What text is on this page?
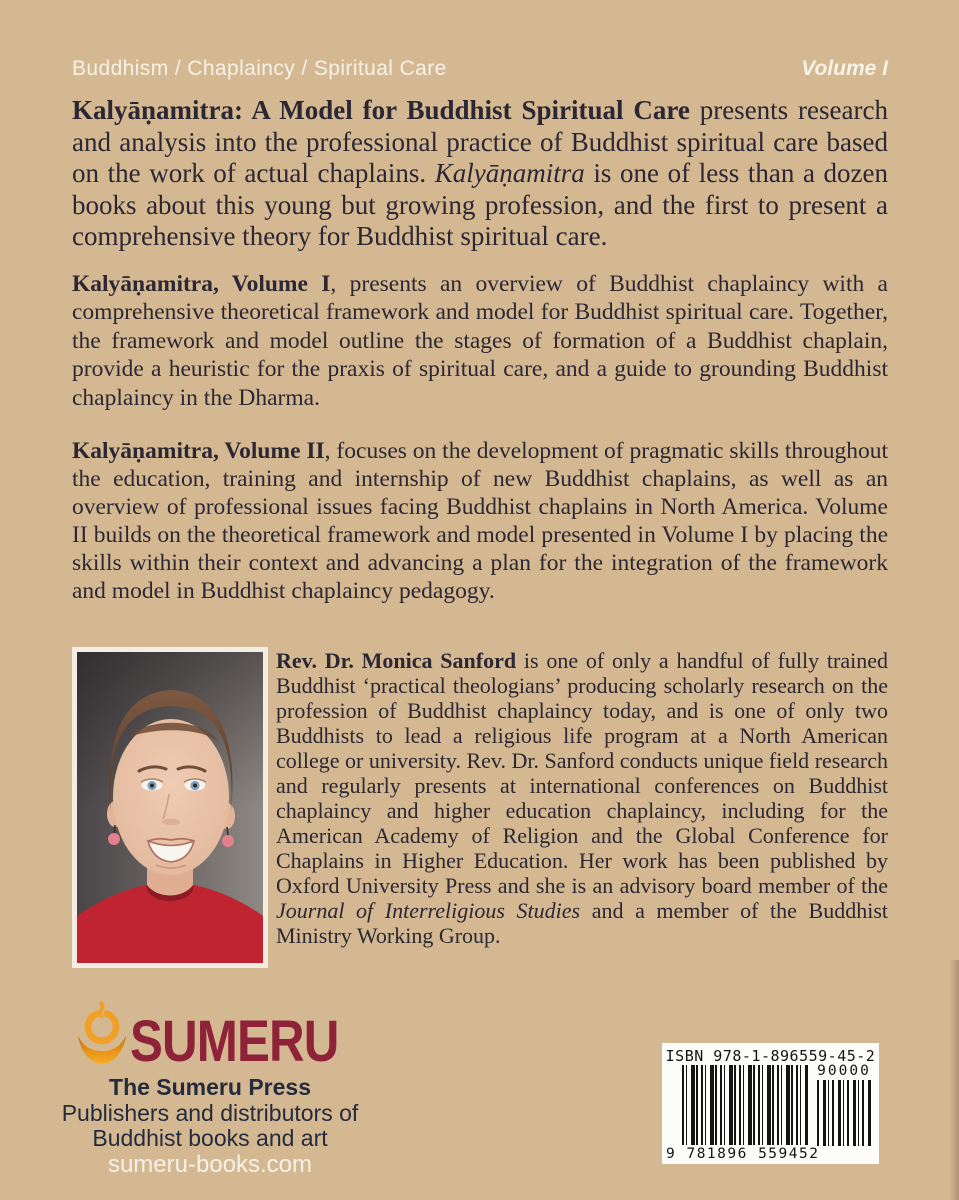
Buddhism / Chaplaincy / Spiritual Care	Volume I

Kalyāṇamitra: A Model for Buddhist Spiritual Care presents research and analysis into the professional practice of Buddhist spiritual care based on the work of actual chaplains. Kalyāṇamitra is one of less than a dozen books about this young but growing profession, and the first to present a comprehensive theory for Buddhist spiritual care.

Kalyāṇamitra, Volume I, presents an overview of Buddhist chaplaincy with a comprehensive theoretical framework and model for Buddhist spiritual care. Together, the framework and model outline the stages of formation of a Buddhist chaplain, provide a heuristic for the praxis of spiritual care, and a guide to grounding Buddhist chaplaincy in the Dharma.

Kalyāṇamitra, Volume II, focuses on the development of pragmatic skills throughout the education, training and internship of new Buddhist chaplains, as well as an overview of professional issues facing Buddhist chaplains in North America. Volume II builds on the theoretical framework and model presented in Volume I by placing the skills within their context and advancing a plan for the integration of the framework and model in Buddhist chaplaincy pedagogy.

Rev. Dr. Monica Sanford is one of only a handful of fully trained Buddhist ‘practical theologians’ producing scholarly research on the profession of Buddhist chaplaincy today, and is one of only two Buddhists to lead a religious life program at a North American college or university. Rev. Dr. Sanford conducts unique field research and regularly presents at international conferences on Buddhist chaplaincy and higher education chaplaincy, including for the American Academy of Religion and the Global Conference for Chaplains in Higher Education. Her work has been published by Oxford University Press and she is an advisory board member of the Journal of Interreligious Studies and a member of the Buddhist Ministry Working Group.

SUMERU
The Sumeru Press
Publishers and distributors of
Buddhist books and art
sumeru-books.com
ISBN 978-1-896559-45-2
9 781896 559452
90000
